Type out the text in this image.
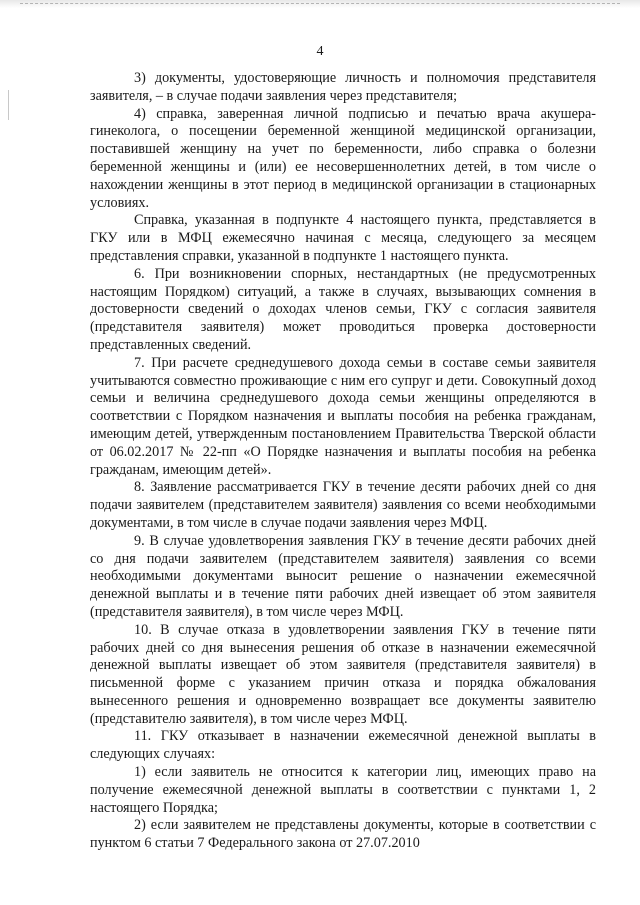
4

3) документы, удостоверяющие личность и полномочия представителя заявителя, – в случае подачи заявления через представителя;

4) справка, заверенная личной подписью и печатью врача акушера-гинеколога, о посещении беременной женщиной медицинской организации, поставившей женщину на учет по беременности, либо справка о болезни беременной женщины и (или) ее несовершеннолетних детей, в том числе о нахождении женщины в этот период в медицинской организации в стационарных условиях.

Справка, указанная в подпункте 4 настоящего пункта, представляется в ГКУ или в МФЦ ежемесячно начиная с месяца, следующего за месяцем представления справки, указанной в подпункте 1 настоящего пункта.

6. При возникновении спорных, нестандартных (не предусмотренных настоящим Порядком) ситуаций, а также в случаях, вызывающих сомнения в достоверности сведений о доходах членов семьи, ГКУ с согласия заявителя (представителя заявителя) может проводиться проверка достоверности представленных сведений.

7. При расчете среднедушевого дохода семьи в составе семьи заявителя учитываются совместно проживающие с ним его супруг и дети. Совокупный доход семьи и величина среднедушевого дохода семьи женщины определяются в соответствии с Порядком назначения и выплаты пособия на ребенка гражданам, имеющим детей, утвержденным постановлением Правительства Тверской области от 06.02.2017 № 22-пп «О Порядке назначения и выплаты пособия на ребенка гражданам, имеющим детей».

8. Заявление рассматривается ГКУ в течение десяти рабочих дней со дня подачи заявителем (представителем заявителя) заявления со всеми необходимыми документами, в том числе в случае подачи заявления через МФЦ.

9. В случае удовлетворения заявления ГКУ в течение десяти рабочих дней со дня подачи заявителем (представителем заявителя) заявления со всеми необходимыми документами выносит решение о назначении ежемесячной денежной выплаты и в течение пяти рабочих дней извещает об этом заявителя (представителя заявителя), в том числе через МФЦ.

10. В случае отказа в удовлетворении заявления ГКУ в течение пяти рабочих дней со дня вынесения решения об отказе в назначении ежемесячной денежной выплаты извещает об этом заявителя (представителя заявителя) в письменной форме с указанием причин отказа и порядка обжалования вынесенного решения и одновременно возвращает все документы заявителю (представителю заявителя), в том числе через МФЦ.

11. ГКУ отказывает в назначении ежемесячной денежной выплаты в следующих случаях:

1) если заявитель не относится к категории лиц, имеющих право на получение ежемесячной денежной выплаты в соответствии с пунктами 1, 2 настоящего Порядка;

2) если заявителем не представлены документы, которые в соответствии с пунктом 6 статьи 7 Федерального закона от 27.07.2010
